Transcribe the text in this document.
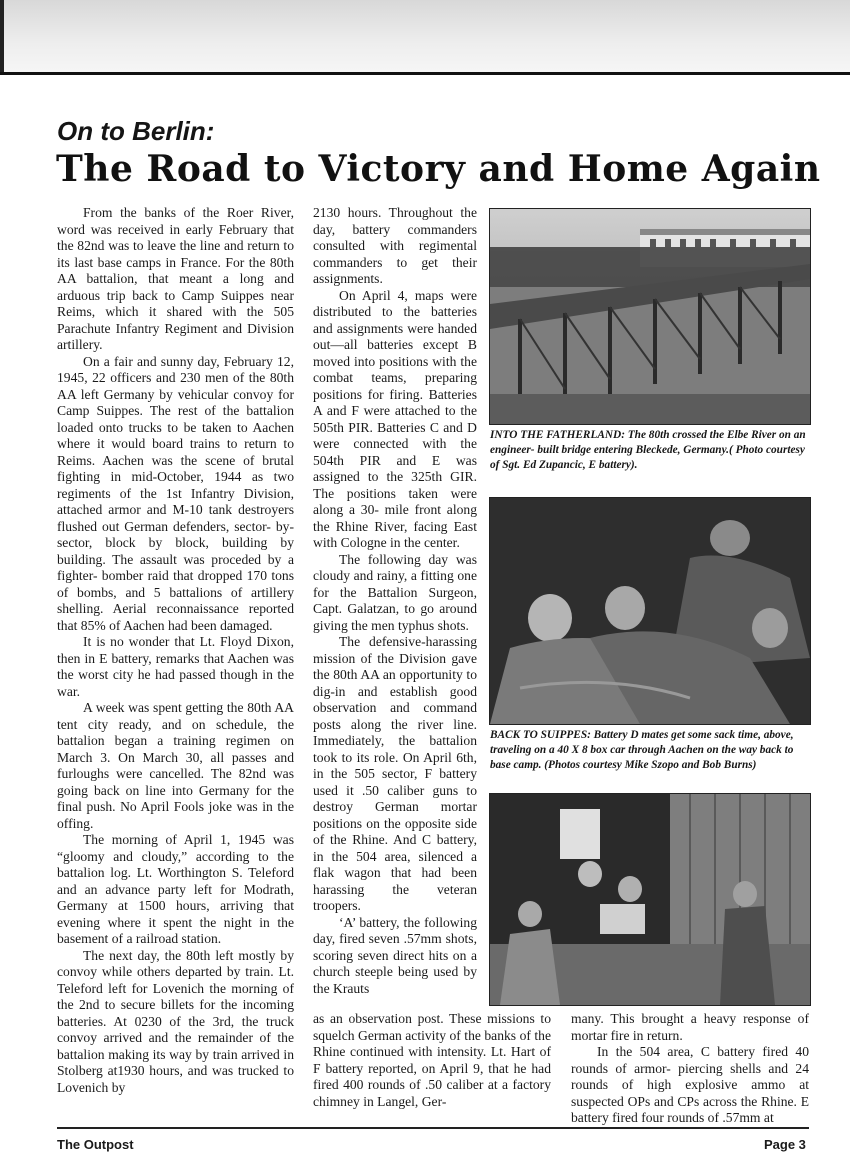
On to Berlin:
The Road to Victory and Home Again

From the banks of the Roer River, word was received in early February that the 82nd was to leave the line and return to its last base camps in France. For the 80th AA battalion, that meant a long and arduous trip back to Camp Suippes near Reims, which it shared with the 505 Parachute Infantry Regiment and Division artillery.

On a fair and sunny day, February 12, 1945, 22 officers and 230 men of the 80th AA left Germany by vehicular convoy for Camp Suippes. The rest of the battalion loaded onto trucks to be taken to Aachen where it would board trains to return to Reims. Aachen was the scene of brutal fighting in mid-October, 1944 as two regiments of the 1st Infantry Division, attached armor and M-10 tank destroyers flushed out German defenders, sector- by- sector, block by block, building by building. The assault was proceded by a fighter- bomber raid that dropped 170 tons of bombs, and 5 battalions of artillery shelling. Aerial reconnaissance reported that 85% of Aachen had been damaged.

It is no wonder that Lt. Floyd Dixon, then in E battery, remarks that Aachen was the worst city he had passed though in the war.

A week was spent getting the 80th AA tent city ready, and on schedule, the battalion began a training regimen on March 3. On March 30, all passes and furloughs were cancelled. The 82nd was going back on line into Germany for the final push. No April Fools joke was in the offing.

The morning of April 1, 1945 was “gloomy and cloudy,” according to the battalion log. Lt. Worthington S. Teleford and an advance party left for Modrath, Germany at 1500 hours, arriving that evening where it spent the night in the basement of a railroad station.

The next day, the 80th left mostly by convoy while others departed by train. Lt. Teleford left for Lovenich the morning of the 2nd to secure billets for the incoming batteries. At 0230 of the 3rd, the truck convoy arrived and the remainder of the battalion making its way by train arrived in Stolberg at1930 hours, and was trucked to Lovenich by

2130 hours. Throughout the day, battery commanders consulted with regimental commanders to get their assignments.

On April 4, maps were distributed to the batteries and assignments were handed out—all batteries except B moved into positions with the combat teams, preparing positions for firing. Batteries A and F were attached to the 505th PIR. Batteries C and D were connected with the 504th PIR and E was assigned to the 325th GIR. The positions taken were along a 30- mile front along the Rhine River, facing East with Cologne in the center.

The following day was cloudy and rainy, a fitting one for the Battalion Surgeon, Capt. Galatzan, to go around giving the men typhus shots.

The defensive-harassing mission of the Division gave the 80th AA an opportunity to dig-in and establish good observation and command posts along the river line. Immediately, the battalion took to its role. On April 6th, in the 505 sector, F battery used it .50 caliber guns to destroy German mortar positions on the opposite side of the Rhine. And C battery, in the 504 area, silenced a flak wagon that had been harassing the veteran troopers.

‘A’ battery, the following day, fired seven .57mm shots, scoring seven direct hits on a church steeple being used by the Krauts

as an observation post. These missions to squelch German activity of the banks of the Rhine continued with intensity. Lt. Hart of F battery reported, on April 9, that he had fired 400 rounds of .50 caliber at a factory chimney in Langel, Ger-

many. This brought a heavy response of mortar fire in return.

In the 504 area, C battery fired 40 rounds of armor- piercing shells and 24 rounds of high explosive ammo at suspected OPs and CPs across the Rhine. E battery fired four rounds of .57mm at

INTO THE FATHERLAND: The 80th crossed the Elbe River on an engineer- built bridge entering Bleckede, Germany.( Photo courtesy of Sgt. Ed Zupancic, E battery).
BACK TO SUIPPES: Battery D mates get some sack time, above, traveling on a 40 X 8 box car through Aachen on the way back to base camp. (Photos courtesy Mike Szopo and Bob Burns)
The Outpost	Page 3
